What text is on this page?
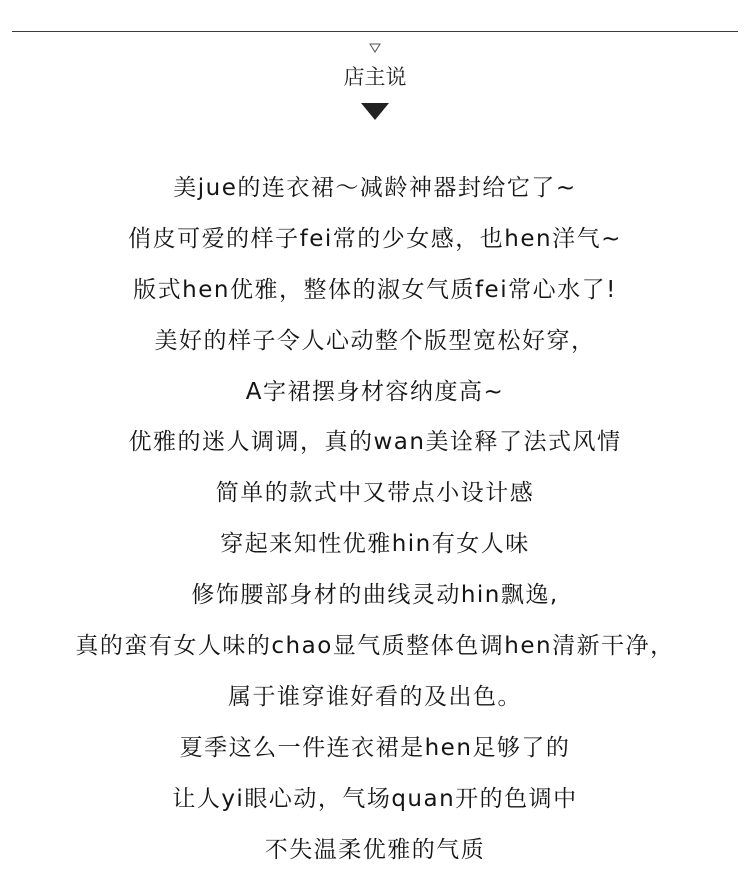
店主说
美jue的连衣裙～减龄神器封给它了~
俏皮可爱的样子fei常的少女感，也hen洋气~
版式hen优雅，整体的淑女气质fei常心水了!
美好的样子令人心动整个版型宽松好穿，
A字裙摆身材容纳度高~
优雅的迷人调调，真的wan美诠释了法式风情
简单的款式中又带点小设计感
穿起来知性优雅hin有女人味
修饰腰部身材的曲线灵动hin飘逸,
真的蛮有女人味的chao显气质整体色调hen清新干净，
属于谁穿谁好看的及出色。
夏季这么一件连衣裙是hen足够了的
让人yi眼心动，气场quan开的色调中
不失温柔优雅的气质
